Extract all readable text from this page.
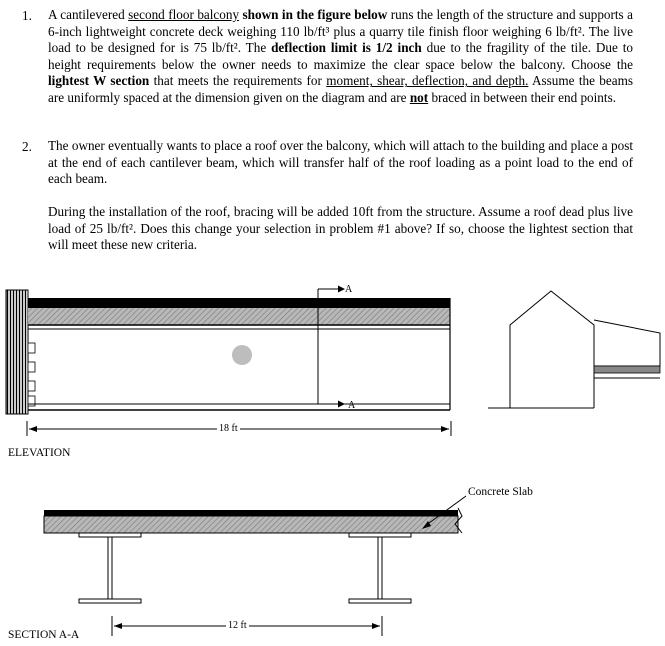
1. A cantilevered second floor balcony shown in the figure below runs the length of the structure and supports a 6-inch lightweight concrete deck weighing 110 lb/ft³ plus a quarry tile finish floor weighing 6 lb/ft². The live load to be designed for is 75 lb/ft². The deflection limit is 1/2 inch due to the fragility of the tile. Due to height requirements below the owner needs to maximize the clear space below the balcony. Choose the lightest W section that meets the requirements for moment, shear, deflection, and depth. Assume the beams are uniformly spaced at the dimension given on the diagram and are not braced in between their end points.
2. The owner eventually wants to place a roof over the balcony, which will attach to the building and place a post at the end of each cantilever beam, which will transfer half of the roof loading as a point load to the end of each beam.
During the installation of the roof, bracing will be added 10ft from the structure. Assume a roof dead plus live load of 25 lb/ft². Does this change your selection in problem #1 above? If so, choose the lightest section that will meet these new criteria.
A
A
18 ft
ELEVATION
Concrete Slab
12 ft
SECTION A-A
